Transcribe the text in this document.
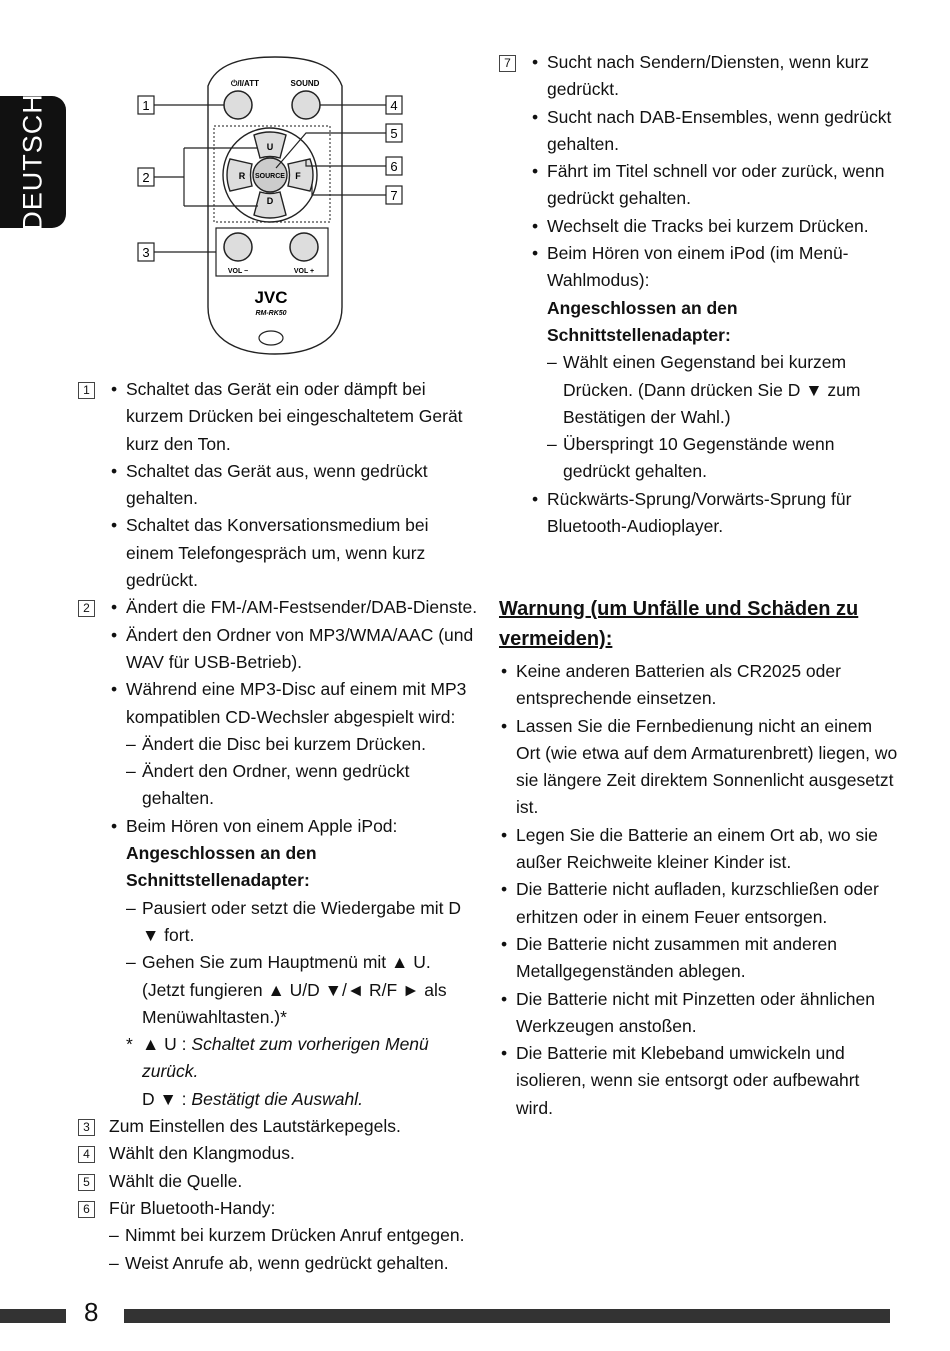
DEUTSCH
⏻/I/ATT	SOUND
U
D
R	F
SOURCE
VOL −	VOL +
JVC
RM-RK50
1
2
3
4
5
6
7
1	• Schaltet das Gerät ein oder dämpft bei kurzem Drücken bei eingeschaltetem Gerät kurz den Ton.
• Schaltet das Gerät aus, wenn gedrückt gehalten.
• Schaltet das Konversationsmedium bei einem Telefongespräch um, wenn kurz gedrückt.
2	• Ändert die FM-/AM-Festsender/DAB-Dienste.
• Ändert den Ordner von MP3/WMA/AAC (und WAV für USB-Betrieb).
• Während eine MP3-Disc auf einem mit MP3 kompatiblen CD-Wechsler abgespielt wird:
– Ändert die Disc bei kurzem Drücken.
– Ändert den Ordner, wenn gedrückt gehalten.
• Beim Hören von einem Apple iPod:
Angeschlossen an den Schnittstellenadapter:
– Pausiert oder setzt die Wiedergabe mit D ▼ fort.
– Gehen Sie zum Hauptmenü mit ▲ U. (Jetzt fungieren ▲ U/D ▼/◄ R/F ► als Menüwahltasten.)*
* ▲ U : Schaltet zum vorherigen Menü zurück.
D ▼ : Bestätigt die Auswahl.
3 Zum Einstellen des Lautstärkepegels.
4 Wählt den Klangmodus.
5 Wählt die Quelle.
6 Für Bluetooth-Handy:
– Nimmt bei kurzem Drücken Anruf entgegen.
– Weist Anrufe ab, wenn gedrückt gehalten.
7	• Sucht nach Sendern/Diensten, wenn kurz gedrückt.
• Sucht nach DAB-Ensembles, wenn gedrückt gehalten.
• Fährt im Titel schnell vor oder zurück, wenn gedrückt gehalten.
• Wechselt die Tracks bei kurzem Drücken.
• Beim Hören von einem iPod (im Menü-Wahlmodus):
Angeschlossen an den Schnittstellenadapter:
– Wählt einen Gegenstand bei kurzem Drücken. (Dann drücken Sie D ▼ zum Bestätigen der Wahl.)
– Überspringt 10 Gegenstände wenn gedrückt gehalten.
• Rückwärts-Sprung/Vorwärts-Sprung für Bluetooth-Audioplayer.
Warnung (um Unfälle und Schäden zu vermeiden):
• Keine anderen Batterien als CR2025 oder entsprechende einsetzen.
• Lassen Sie die Fernbedienung nicht an einem Ort (wie etwa auf dem Armaturenbrett) liegen, wo sie längere Zeit direktem Sonnenlicht ausgesetzt ist.
• Legen Sie die Batterie an einem Ort ab, wo sie außer Reichweite kleiner Kinder ist.
• Die Batterie nicht aufladen, kurzschließen oder erhitzen oder in einem Feuer entsorgen.
• Die Batterie nicht zusammen mit anderen Metallgegenständen ablegen.
• Die Batterie nicht mit Pinzetten oder ähnlichen Werkzeugen anstoßen.
• Die Batterie mit Klebeband umwickeln und isolieren, wenn sie entsorgt oder aufbewahrt wird.
8
